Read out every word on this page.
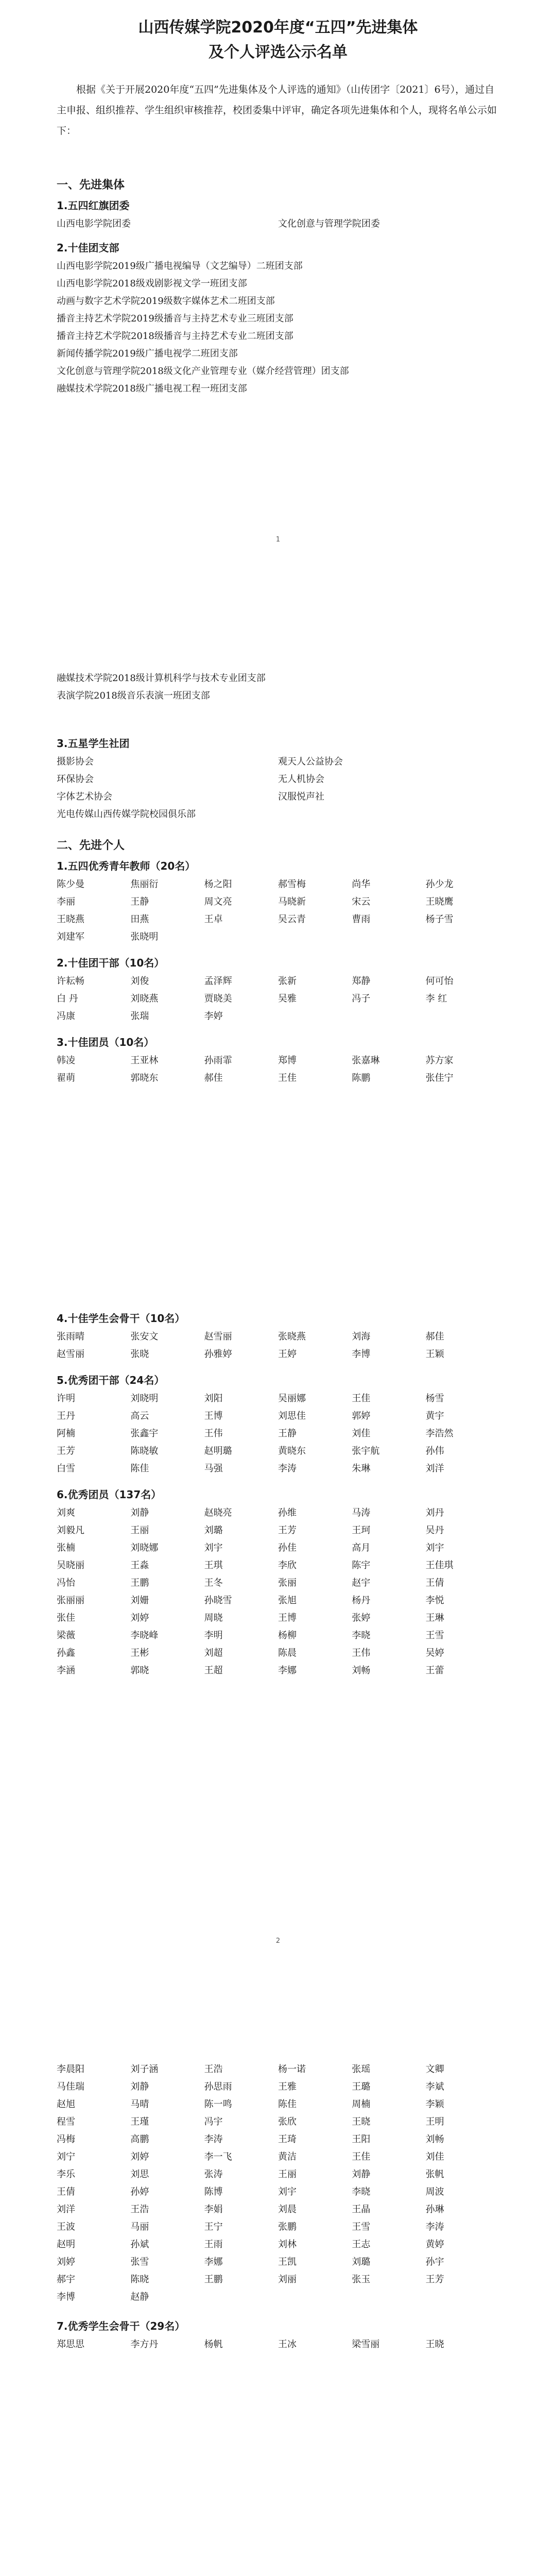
山西传媒学院2020年度“五四”先进集体
及个人评选公示名单

根据《关于开展2020年度“五四”先进集体及个人评选的通知》（山传团字〔2021〕6号），通过自主申报、组织推荐、学生组织审核推荐，校团委集中评审，确定各项先进集体和个人，现将名单公示如下：

一、先进集体
1.五四红旗团委
山西电影学院团委	文化创意与管理学院团委
2.十佳团支部
山西电影学院2019级广播电视编导（文艺编导）二班团支部
山西电影学院2018级戏剧影视文学一班团支部
动画与数字艺术学院2019级数字媒体艺术二班团支部
播音主持艺术学院2019级播音与主持艺术专业三班团支部
播音主持艺术学院2018级播音与主持艺术专业二班团支部
新闻传播学院2019级广播电视学二班团支部
文化创意与管理学院2018级文化产业管理专业（媒介经营管理）团支部
融媒技术学院2018级广播电视工程一班团支部
1
融媒技术学院2018级计算机科学与技术专业团支部
表演学院2018级音乐表演一班团支部
3.五星学生社团
摄影协会	观天人公益协会
环保协会	无人机协会
字体艺术协会	汉服悦声社
光电传媒山西传媒学院校园俱乐部
二、先进个人
1.五四优秀青年教师（20名）
陈少曼	焦丽衍	杨之阳	郝雪梅	尚华	孙少龙
李丽	王静	周文亮	马晓新	宋云	王晓鹰
王晓燕	田燕	王卓	吴云青	曹雨	杨子雪
刘建军	张晓明
2.十佳团干部（10名）
许耘畅	刘俊	孟泽辉	张新	郑静	何可怡
白 丹	刘晓燕	贾晓美	吴雅	冯子	李 红
冯康	张瑞	李婷
3.十佳团员（10名）
韩凌	王亚林	孙雨霏	郑博	张嘉琳	苏方家
翟萌	郭晓东	郝佳	王佳	陈鹏	张佳宁
4.十佳学生会骨干（10名）
张雨晴	张安文	赵雪丽	张晓燕	刘海	郝佳
赵雪丽	张晓	孙雅婷	王婷	李博	王颖
5.优秀团干部（24名）
许明	刘晓明	刘阳	吴丽娜	王佳	杨雪
王丹	高云	王博	刘思佳	郭婷	黄宇
阿楠	张鑫宇	王伟	王静	刘佳	李浩然
王芳	陈晓敏	赵明璐	黄晓东	张宇航	孙伟
白雪	陈佳	马强	李涛	朱琳	刘洋
6.优秀团员（137名）
刘爽	刘静	赵晓亮	孙维	马涛	刘丹
刘毅凡	王丽	刘璐	王芳	王珂	吴丹
张楠	刘晓娜	刘宇	孙佳	高月	刘宇
吴晓丽	王淼	王琪	李欣	陈宇	王佳琪
冯怡	王鹏	王冬	张丽	赵宇	王倩
张丽丽	刘姗	孙晓雪	张旭	杨丹	李悦
张佳	刘婷	周晓	王博	张婷	王琳
梁薇	李晓峰	李明	杨柳	李晓	王雪
孙鑫	王彬	刘超	陈晨	王伟	吴婷
李涵	郭晓	王超	李娜	刘畅	王蕾
2
李晨阳	刘子涵	王浩	杨一诺	张瑶	文卿
马佳瑞	刘静	孙思雨	王雅	王璐	李斌
赵旭	马晴	陈一鸣	陈佳	周楠	李颖
程雪	王瑾	冯宇	张欣	王晓	王明
冯梅	高鹏	李涛	王琦	王阳	刘畅
刘宁	刘婷	李一飞	黄洁	王佳	刘佳
李乐	刘思	张涛	王丽	刘静	张帆
王倩	孙婷	陈博	刘宇	李晓	周波
刘洋	王浩	李娟	刘晨	王晶	孙琳
王波	马丽	王宁	张鹏	王雪	李涛
赵明	孙斌	王雨	刘林	王志	黄婷
刘婷	张雪	李娜	王凯	刘璐	孙宇
郝宇	陈晓	王鹏	刘丽	张玉	王芳
李博	赵静
7.优秀学生会骨干（29名）
郑思思	李方丹	杨帆	王冰	梁雪丽	王晓
